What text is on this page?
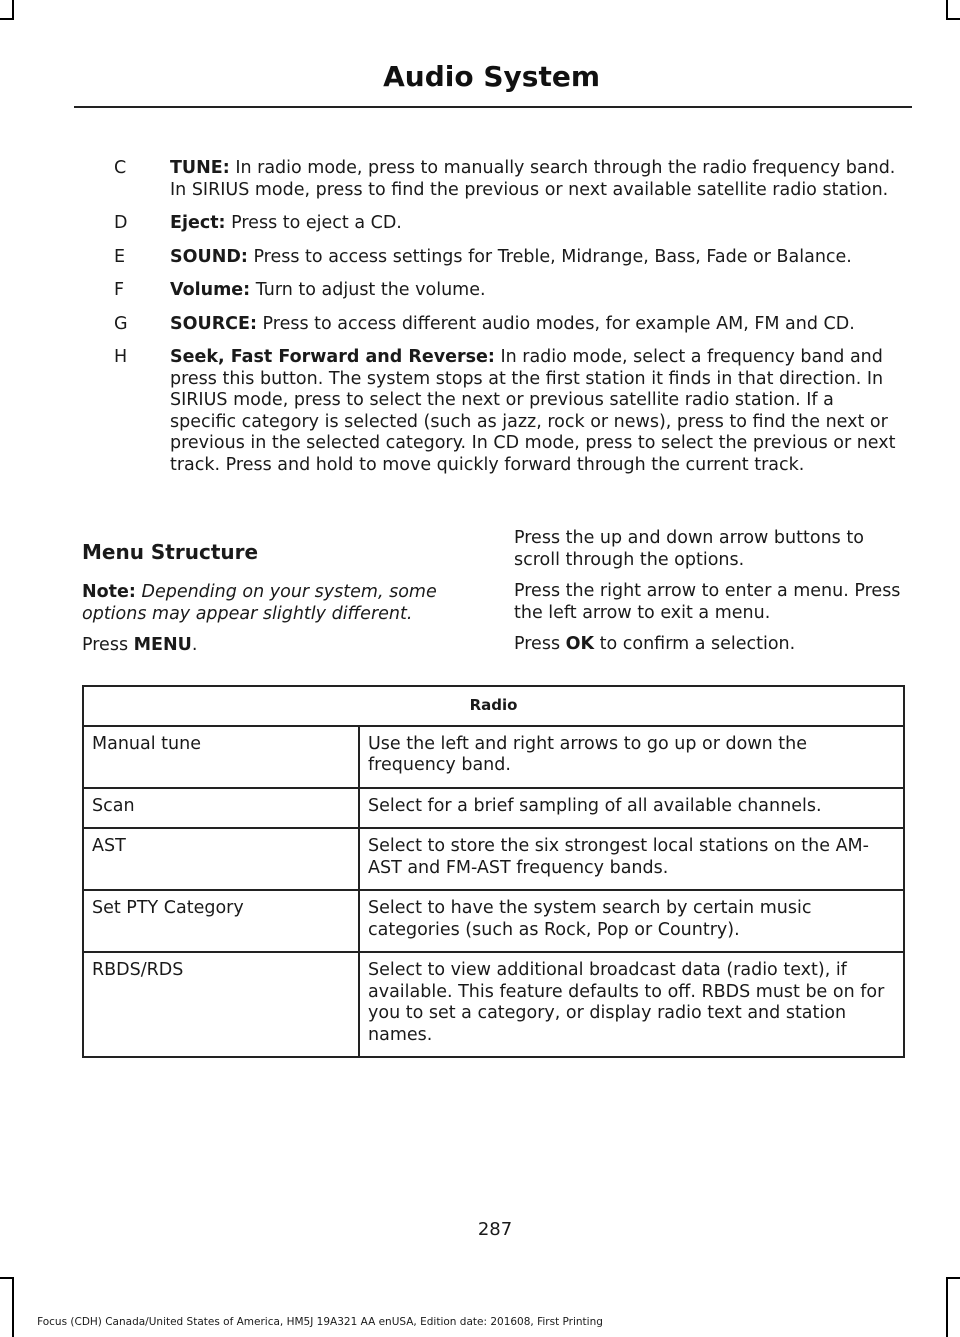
Audio System
C	TUNE: In radio mode, press to manually search through the radio frequency band. In SIRIUS mode, press to find the previous or next available satellite radio station.
D	Eject: Press to eject a CD.
E	SOUND: Press to access settings for Treble, Midrange, Bass, Fade or Balance.
F	Volume: Turn to adjust the volume.
G	SOURCE: Press to access different audio modes, for example AM, FM and CD.
H	Seek, Fast Forward and Reverse: In radio mode, select a frequency band and press this button. The system stops at the first station it finds in that direction. In SIRIUS mode, press to select the next or previous satellite radio station. If a specific category is selected (such as jazz, rock or news), press to find the next or previous in the selected category. In CD mode, press to select the previous or next track. Press and hold to move quickly forward through the current track.
Menu Structure

Note: Depending on your system, some options may appear slightly different.

Press MENU.

Press the up and down arrow buttons to scroll through the options.

Press the right arrow to enter a menu. Press the left arrow to exit a menu.

Press OK to confirm a selection.

Radio	
Manual tune	Use the left and right arrows to go up or down the frequency band.
Scan	Select for a brief sampling of all available channels.
AST	Select to store the six strongest local stations on the AM-AST and FM-AST frequency bands.
Set PTY Category	Select to have the system search by certain music categories (such as Rock, Pop or Country).
RBDS/RDS	Select to view additional broadcast data (radio text), if available. This feature defaults to off. RBDS must be on for you to set a category, or display radio text and station names.
287
Focus (CDH) Canada/United States of America, HM5J 19A321 AA enUSA, Edition date: 201608, First Printing
